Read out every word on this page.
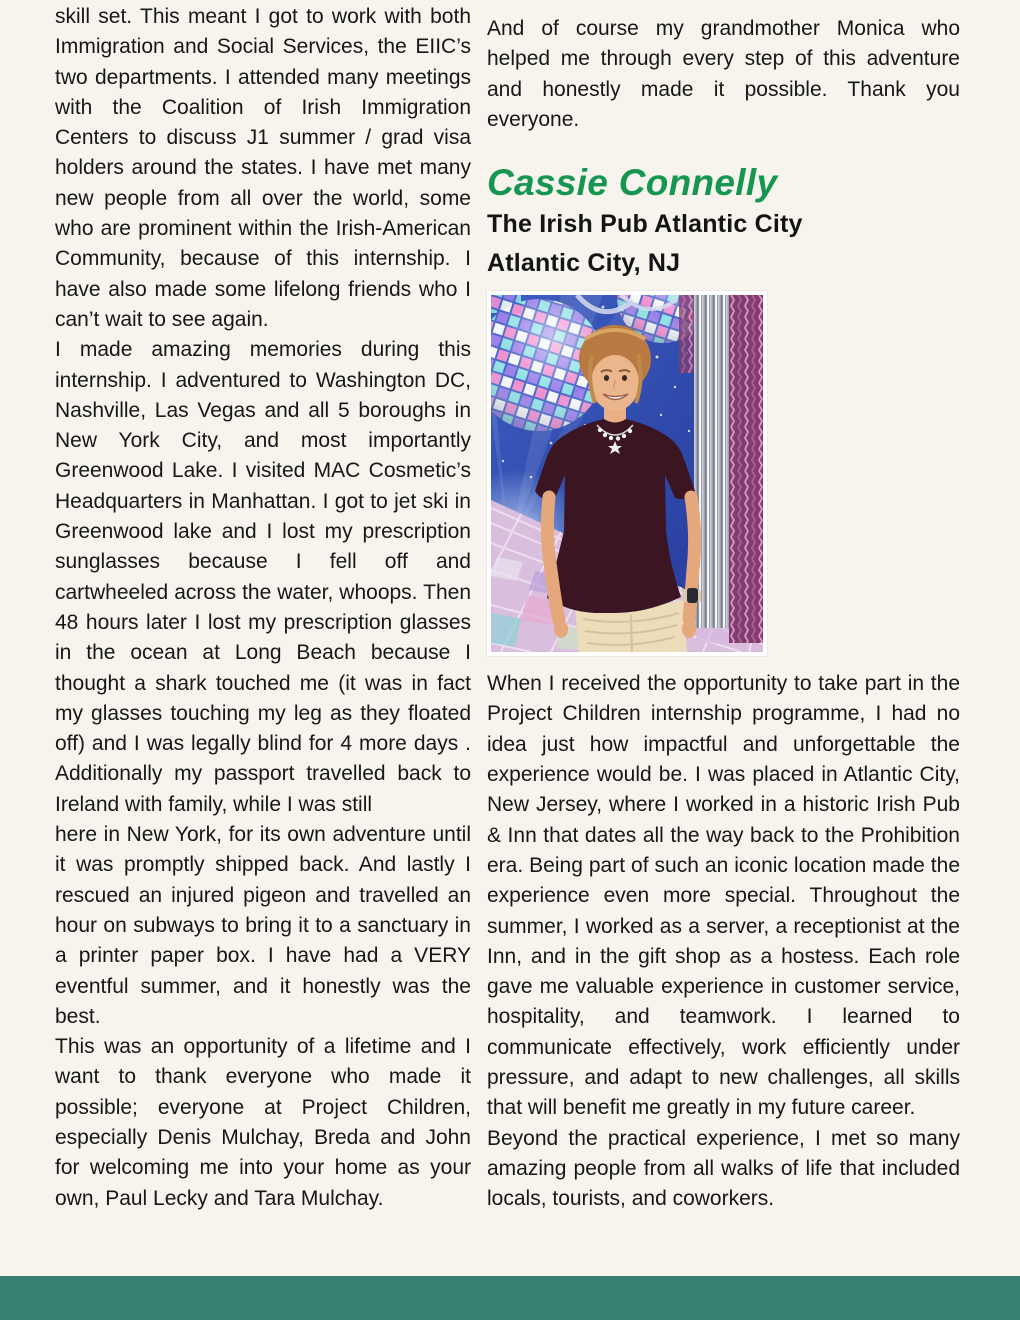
skill set. This meant I got to work with both Immigration and Social Services, the EIIC’s two departments. I attended many meetings with the Coalition of Irish Immigration Centers to discuss J1 summer / grad visa holders around the states. I have met many new people from all over the world, some who are prominent within the Irish-American Community, because of this internship. I have also made some lifelong friends who I can’t wait to see again.

I made amazing memories during this internship. I adventured to Washington DC, Nashville, Las Vegas and all 5 boroughs in New York City, and most importantly Greenwood Lake. I visited MAC Cosmetic’s Headquarters in Manhattan. I got to jet ski in Greenwood lake and I lost my prescription sunglasses because I fell off and cartwheeled across the water, whoops. Then 48 hours later I lost my prescription glasses in the ocean at Long Beach because I thought a shark touched me (it was in fact my glasses touching my leg as they floated off) and I was legally blind for 4 more days . Additionally my passport travelled back to Ireland with family, while I was still

here in New York, for its own adventure until it was promptly shipped back. And lastly I rescued an injured pigeon and travelled an hour on subways to bring it to a sanctuary in a printer paper box. I have had a VERY eventful summer, and it honestly was the best.

This was an opportunity of a lifetime and I want to thank everyone who made it possible; everyone at Project Children, especially Denis Mulchay, Breda and John for welcoming me into your home as your own, Paul Lecky and Tara Mulchay.

And of course my grandmother Monica who helped me through every step of this adventure and honestly made it possible. Thank you everyone.

Cassie Connelly
The Irish Pub Atlantic City
Atlantic City, NJ

When I received the opportunity to take part in the Project Children internship programme, I had no idea just how impactful and unforgettable the experience would be. I was placed in Atlantic City, New Jersey, where I worked in a historic Irish Pub & Inn that dates all the way back to the Prohibition era. Being part of such an iconic location made the experience even more special. Throughout the summer, I worked as a server, a receptionist at the Inn, and in the gift shop as a hostess. Each role gave me valuable experience in customer service, hospitality, and teamwork. I learned to communicate effectively, work efficiently under pressure, and adapt to new challenges, all skills that will benefit me greatly in my future career.

Beyond the practical experience, I met so many amazing people from all walks of life that included locals, tourists, and coworkers.
